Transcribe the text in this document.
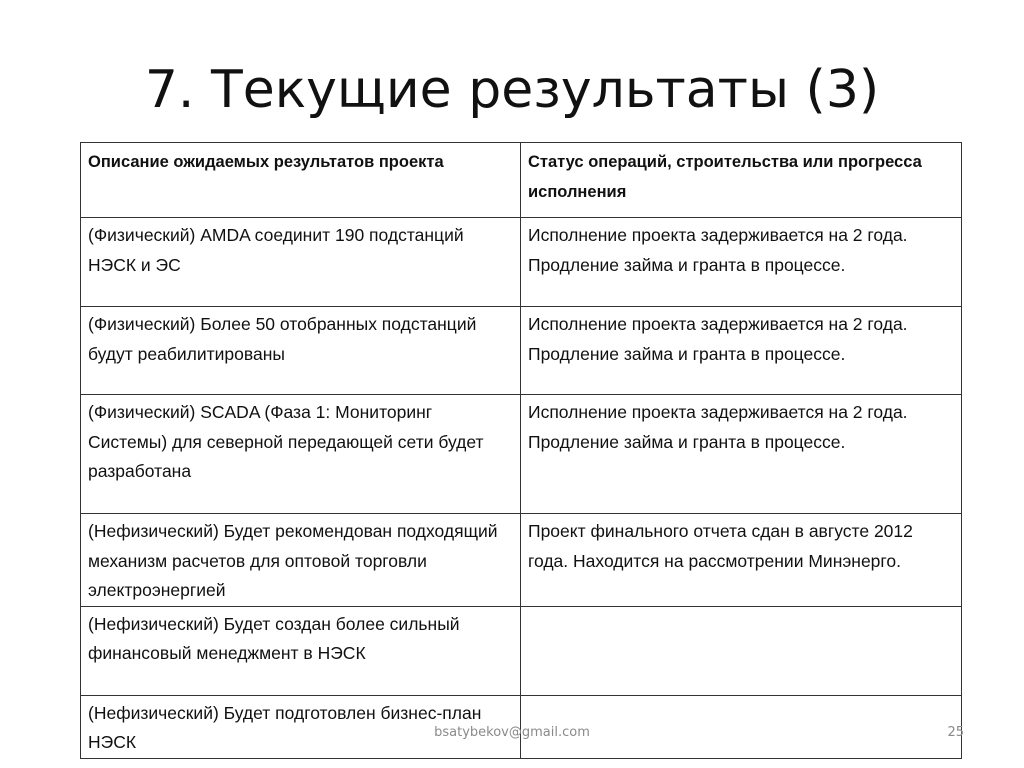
7. Текущие результаты (3)
Описание ожидаемых результатов проекта	Статус операций, строительства или прогресса исполнения
(Физический) AMDA соединит 190 подстанций НЭСК и ЭС	Исполнение проекта задерживается на 2 года. Продление займа и гранта в процессе.
(Физический) Более 50 отобранных подстанций будут реабилитированы	Исполнение проекта задерживается на 2 года. Продление займа и гранта в процессе.
(Физический) SCADA (Фаза 1: Мониторинг Системы) для северной передающей сети будет разработана	Исполнение проекта задерживается на 2 года. Продление займа и гранта в процессе.
(Нефизический) Будет рекомендован подходящий механизм расчетов для оптовой торговли электроэнергией	Проект финального отчета сдан в августе 2012 года. Находится на рассмотрении Минэнерго.
(Нефизический) Будет создан более сильный финансовый менеджмент в НЭСК	
(Нефизический) Будет подготовлен бизнес-план НЭСК		bsatybekov@gmail.com	25
